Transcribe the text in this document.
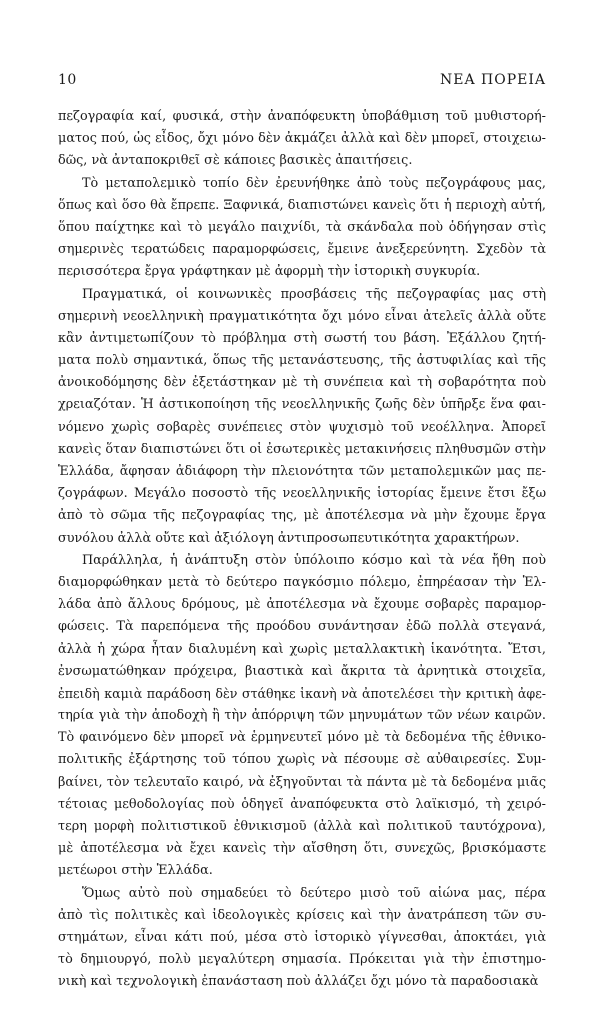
10	ΝΕΑ ΠΟΡΕΙΑ
πεζογραφία καί, φυσικά, στὴν ἀναπόφευκτη ὑποβάθμιση τοῦ μυθιστορή-
ματος πού, ὡς εἶδος, ὄχι μόνο δὲν ἀκμάζει ἀλλὰ καὶ δὲν μπορεῖ, στοιχειω-
δῶς, νὰ ἀνταποκριθεῖ σὲ κάποιες βασικὲς ἀπαιτήσεις.
Τὸ μεταπολεμικὸ τοπίο δὲν ἐρευνήθηκε ἀπὸ τοὺς πεζογράφους μας,
ὅπως καὶ ὅσο θὰ ἔπρεπε. Ξαφνικά, διαπιστώνει κανεὶς ὅτι ἡ περιοχὴ αὐτή,
ὅπου παίχτηκε καὶ τὸ μεγάλο παιχνίδι, τὰ σκάνδαλα ποὺ ὁδήγησαν στὶς
σημερινὲς τερατώδεις παραμορφώσεις, ἔμεινε ἀνεξερεύνητη. Σχεδὸν τὰ
περισσότερα ἔργα γράφτηκαν μὲ ἀφορμὴ τὴν ἱστορικὴ συγκυρία.
Πραγματικά, οἱ κοινωνικὲς προσβάσεις τῆς πεζογραφίας μας στὴ
σημερινὴ νεοελληνικὴ πραγματικότητα ὄχι μόνο εἶναι ἀτελεῖς ἀλλὰ οὔτε
κἂν ἀντιμετωπίζουν τὸ πρόβλημα στὴ σωστή του βάση. Ἐξάλλου ζητή-
ματα πολὺ σημαντικά, ὅπως τῆς μετανάστευσης, τῆς ἀστυφιλίας καὶ τῆς
ἀνοικοδόμησης δὲν ἐξετάστηκαν μὲ τὴ συνέπεια καὶ τὴ σοβαρότητα ποὺ
χρειαζόταν. Ἡ ἀστικοποίηση τῆς νεοελληνικῆς ζωῆς δὲν ὑπῆρξε ἕνα φαι-
νόμενο χωρὶς σοβαρὲς συνέπειες στὸν ψυχισμὸ τοῦ νεοέλληνα. Ἀπορεῖ
κανεὶς ὅταν διαπιστώνει ὅτι οἱ ἐσωτερικὲς μετακινήσεις πληθυσμῶν στὴν
Ἑλλάδα, ἄφησαν ἀδιάφορη τὴν πλειονότητα τῶν μεταπολεμικῶν μας πε-
ζογράφων. Μεγάλο ποσοστὸ τῆς νεοελληνικῆς ἱστορίας ἔμεινε ἔτσι ἔξω
ἀπὸ τὸ σῶμα τῆς πεζογραφίας της, μὲ ἀποτέλεσμα νὰ μὴν ἔχουμε ἔργα
συνόλου ἀλλὰ οὔτε καὶ ἀξιόλογη ἀντιπροσωπευτικότητα χαρακτήρων.
Παράλληλα, ἡ ἀνάπτυξη στὸν ὑπόλοιπο κόσμο καὶ τὰ νέα ἤθη ποὺ
διαμορφώθηκαν μετὰ τὸ δεύτερο παγκόσμιο πόλεμο, ἐπηρέασαν τὴν Ἑλ-
λάδα ἀπὸ ἄλλους δρόμους, μὲ ἀποτέλεσμα νὰ ἔχουμε σοβαρὲς παραμορ-
φώσεις. Τὰ παρεπόμενα τῆς προόδου συνάντησαν ἐδῶ πολλὰ στεγανά,
ἀλλὰ ἡ χώρα ἦταν διαλυμένη καὶ χωρὶς μεταλλακτικὴ ἱκανότητα. Ἔτσι,
ἐνσωματώθηκαν πρόχειρα, βιαστικὰ καὶ ἄκριτα τὰ ἀρνητικὰ στοιχεῖα,
ἐπειδὴ καμιὰ παράδοση δὲν στάθηκε ἱκανὴ νὰ ἀποτελέσει τὴν κριτικὴ ἀφε-
τηρία γιὰ τὴν ἀποδοχὴ ἢ τὴν ἀπόρριψη τῶν μηνυμάτων τῶν νέων καιρῶν.
Τὸ φαινόμενο δὲν μπορεῖ νὰ ἑρμηνευτεῖ μόνο μὲ τὰ δεδομένα τῆς ἐθνικο-
πολιτικῆς ἐξάρτησης τοῦ τόπου χωρὶς νὰ πέσουμε σὲ αὐθαιρεσίες. Συμ-
βαίνει, τὸν τελευταῖο καιρό, νὰ ἐξηγοῦνται τὰ πάντα μὲ τὰ δεδομένα μιᾶς
τέτοιας μεθοδολογίας ποὺ ὁδηγεῖ ἀναπόφευκτα στὸ λαϊκισμό, τὴ χειρό-
τερη μορφὴ πολιτιστικοῦ ἐθνικισμοῦ (ἀλλὰ καὶ πολιτικοῦ ταυτόχρονα),
μὲ ἀποτέλεσμα νὰ ἔχει κανεὶς τὴν αἴσθηση ὅτι, συνεχῶς, βρισκόμαστε
μετέωροι στὴν Ἑλλάδα.
Ὅμως αὐτὸ ποὺ σημαδεύει τὸ δεύτερο μισὸ τοῦ αἰώνα μας, πέρα
ἀπὸ τὶς πολιτικὲς καὶ ἰδεολογικὲς κρίσεις καὶ τὴν ἀνατράπεση τῶν συ-
στημάτων, εἶναι κάτι πού, μέσα στὸ ἱστορικὸ γίγνεσθαι, ἀποκτάει, γιὰ
τὸ δημιουργό, πολὺ μεγαλύτερη σημασία. Πρόκειται γιὰ τὴν ἐπιστημο-
νικὴ καὶ τεχνολογικὴ ἐπανάσταση ποὺ ἀλλάζει ὄχι μόνο τὰ παραδοσιακὰ
